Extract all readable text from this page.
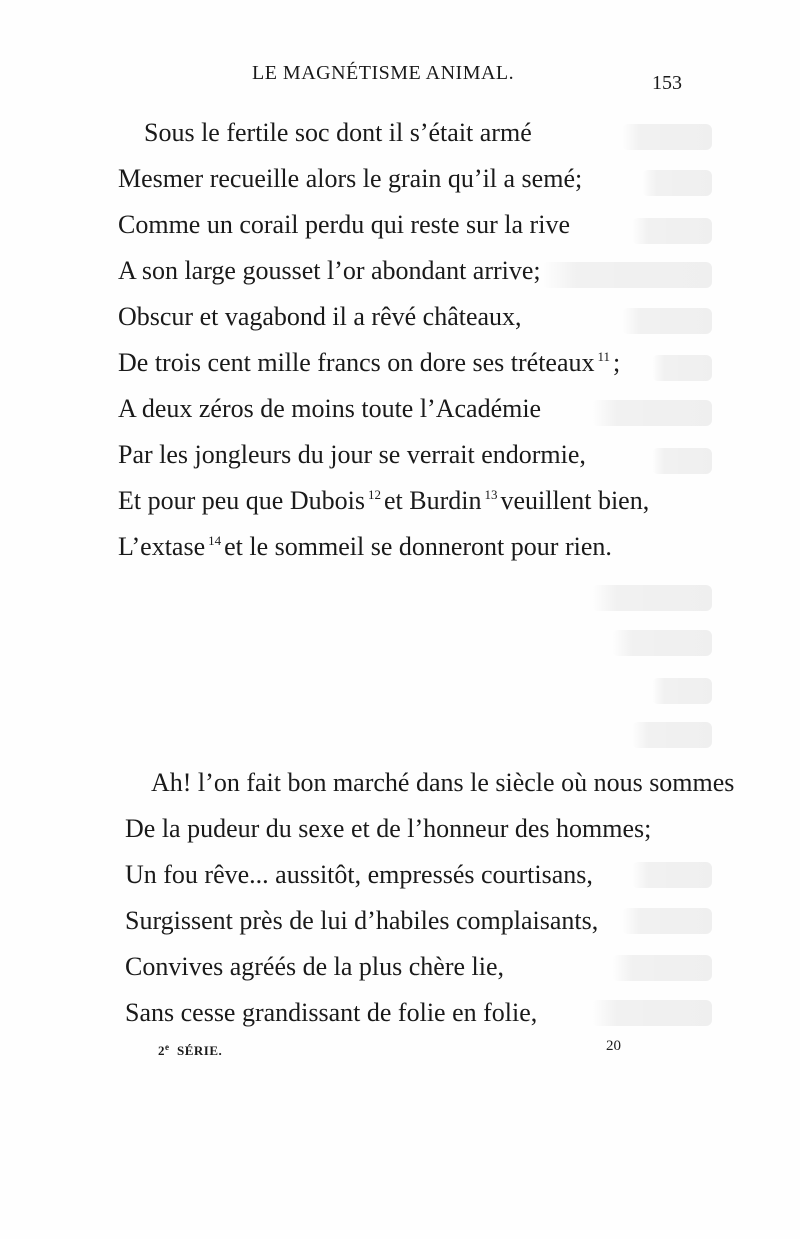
LE MAGNÉTISME ANIMAL.	153
Sous le fertile soc dont il s’était armé
Mesmer recueille alors le grain qu’il a semé;
Comme un corail perdu qui reste sur la rive
A son large gousset l’or abondant arrive;
Obscur et vagabond il a rêvé châteaux,
De trois cent mille francs on dore ses tréteaux $^{11}$ ;
A deux zéros de moins toute l’Académie
Par les jongleurs du jour se verrait endormie,
Et pour peu que Dubois $^{12}$ et Burdin $^{13}$ veuillent bien,
L’extase $^{14}$ et le sommeil se donneront pour rien.
Ah! l’on fait bon marché dans le siècle où nous sommes
De la pudeur du sexe et de l’honneur des hommes;
Un fou rêve... aussitôt, empressés courtisans,
Surgissent près de lui d’habiles complaisants,
Convives agréés de la plus chère lie,
Sans cesse grandissant de folie en folie,
2e SÉRIE.	20
